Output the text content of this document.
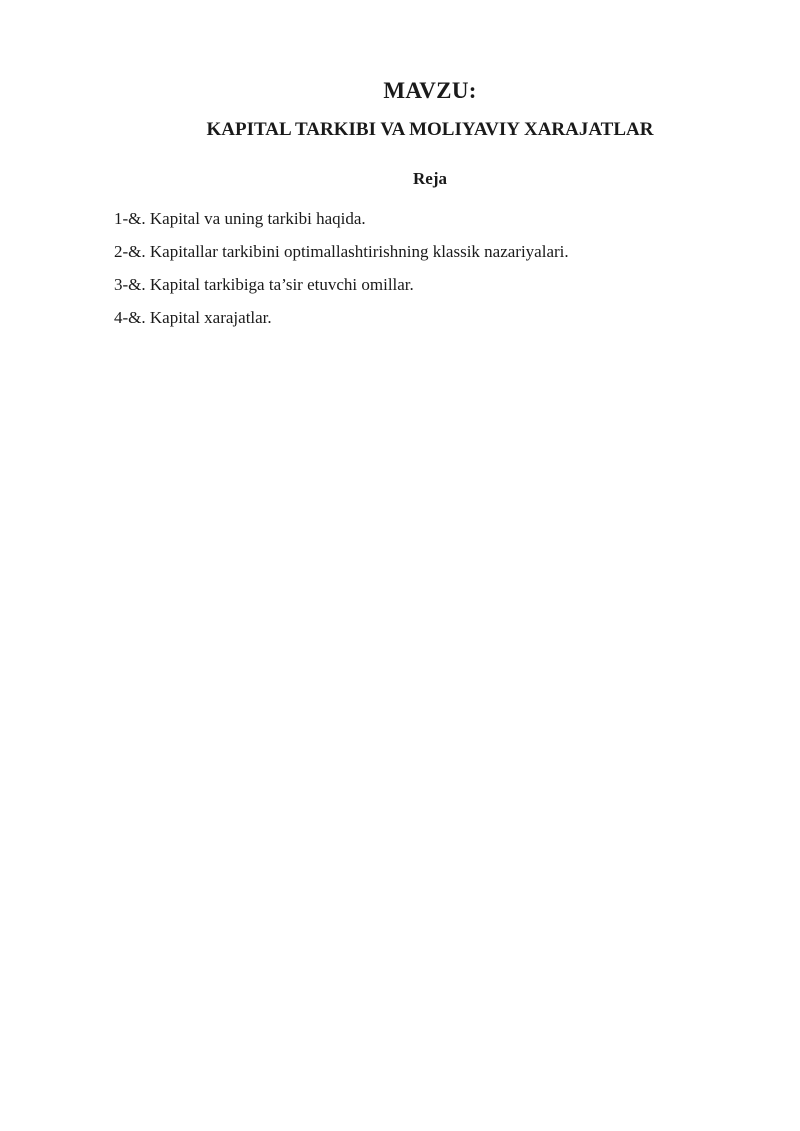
MAVZU:
KAPITAL TARKIBI VA MOLIYAVIY XARAJATLAR
Reja
1-&. Kapital va uning tarkibi haqida.
2-&. Kapitallar tarkibini optimallashtirishning klassik nazariyalari.
3-&. Kapital tarkibiga ta’sir etuvchi omillar.
4-&. Kapital xarajatlar.
